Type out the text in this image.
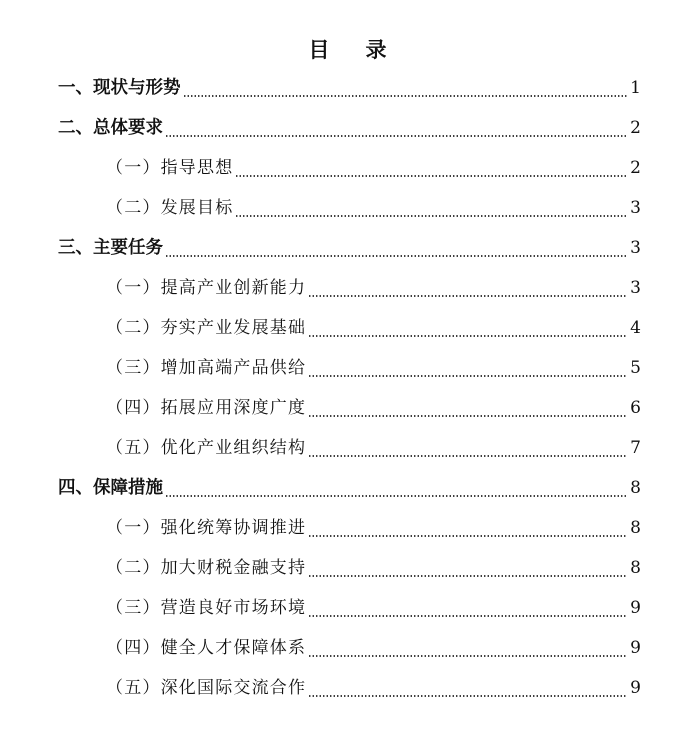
目 录
一、现状与形势	1
二、总体要求	2
（一）指导思想	2
（二）发展目标	3
三、主要任务	3
（一）提高产业创新能力	3
（二）夯实产业发展基础	4
（三）增加高端产品供给	5
（四）拓展应用深度广度	6
（五）优化产业组织结构	7
四、保障措施	8
（一）强化统筹协调推进	8
（二）加大财税金融支持	8
（三）营造良好市场环境	9
（四）健全人才保障体系	9
（五）深化国际交流合作	9
